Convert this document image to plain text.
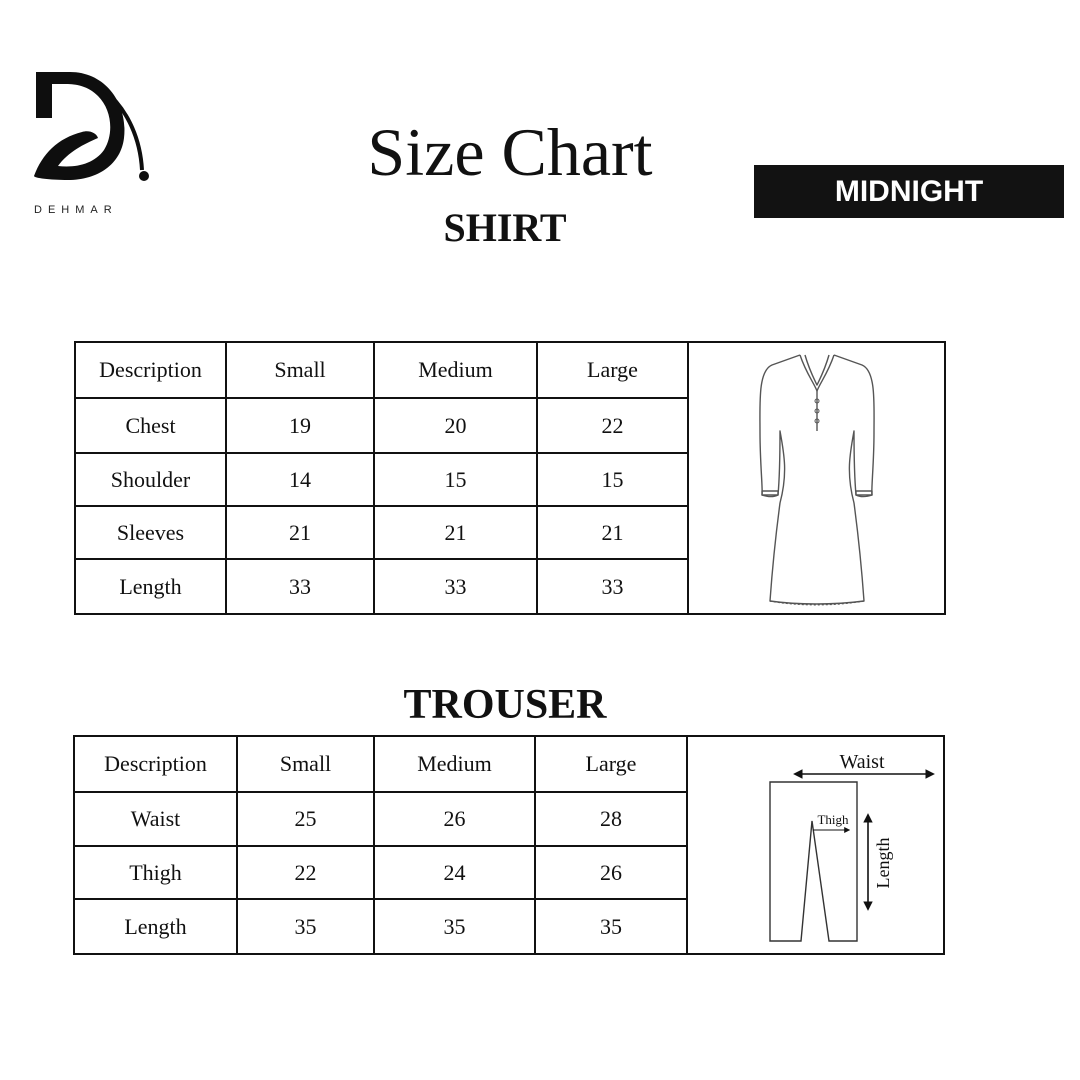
DEHMAR
Size Chart
SHIRT
MIDNIGHT
Description	Small	Medium	Large
Chest	19	20	22
Shoulder	14	15	15
Sleeves	21	21	21
Length	33	33	33
TROUSER
Description	Small	Medium	Large
Waist	25	26	28
Thigh	22	24	26
Length	35	35	35
Waist
Thigh
Length
